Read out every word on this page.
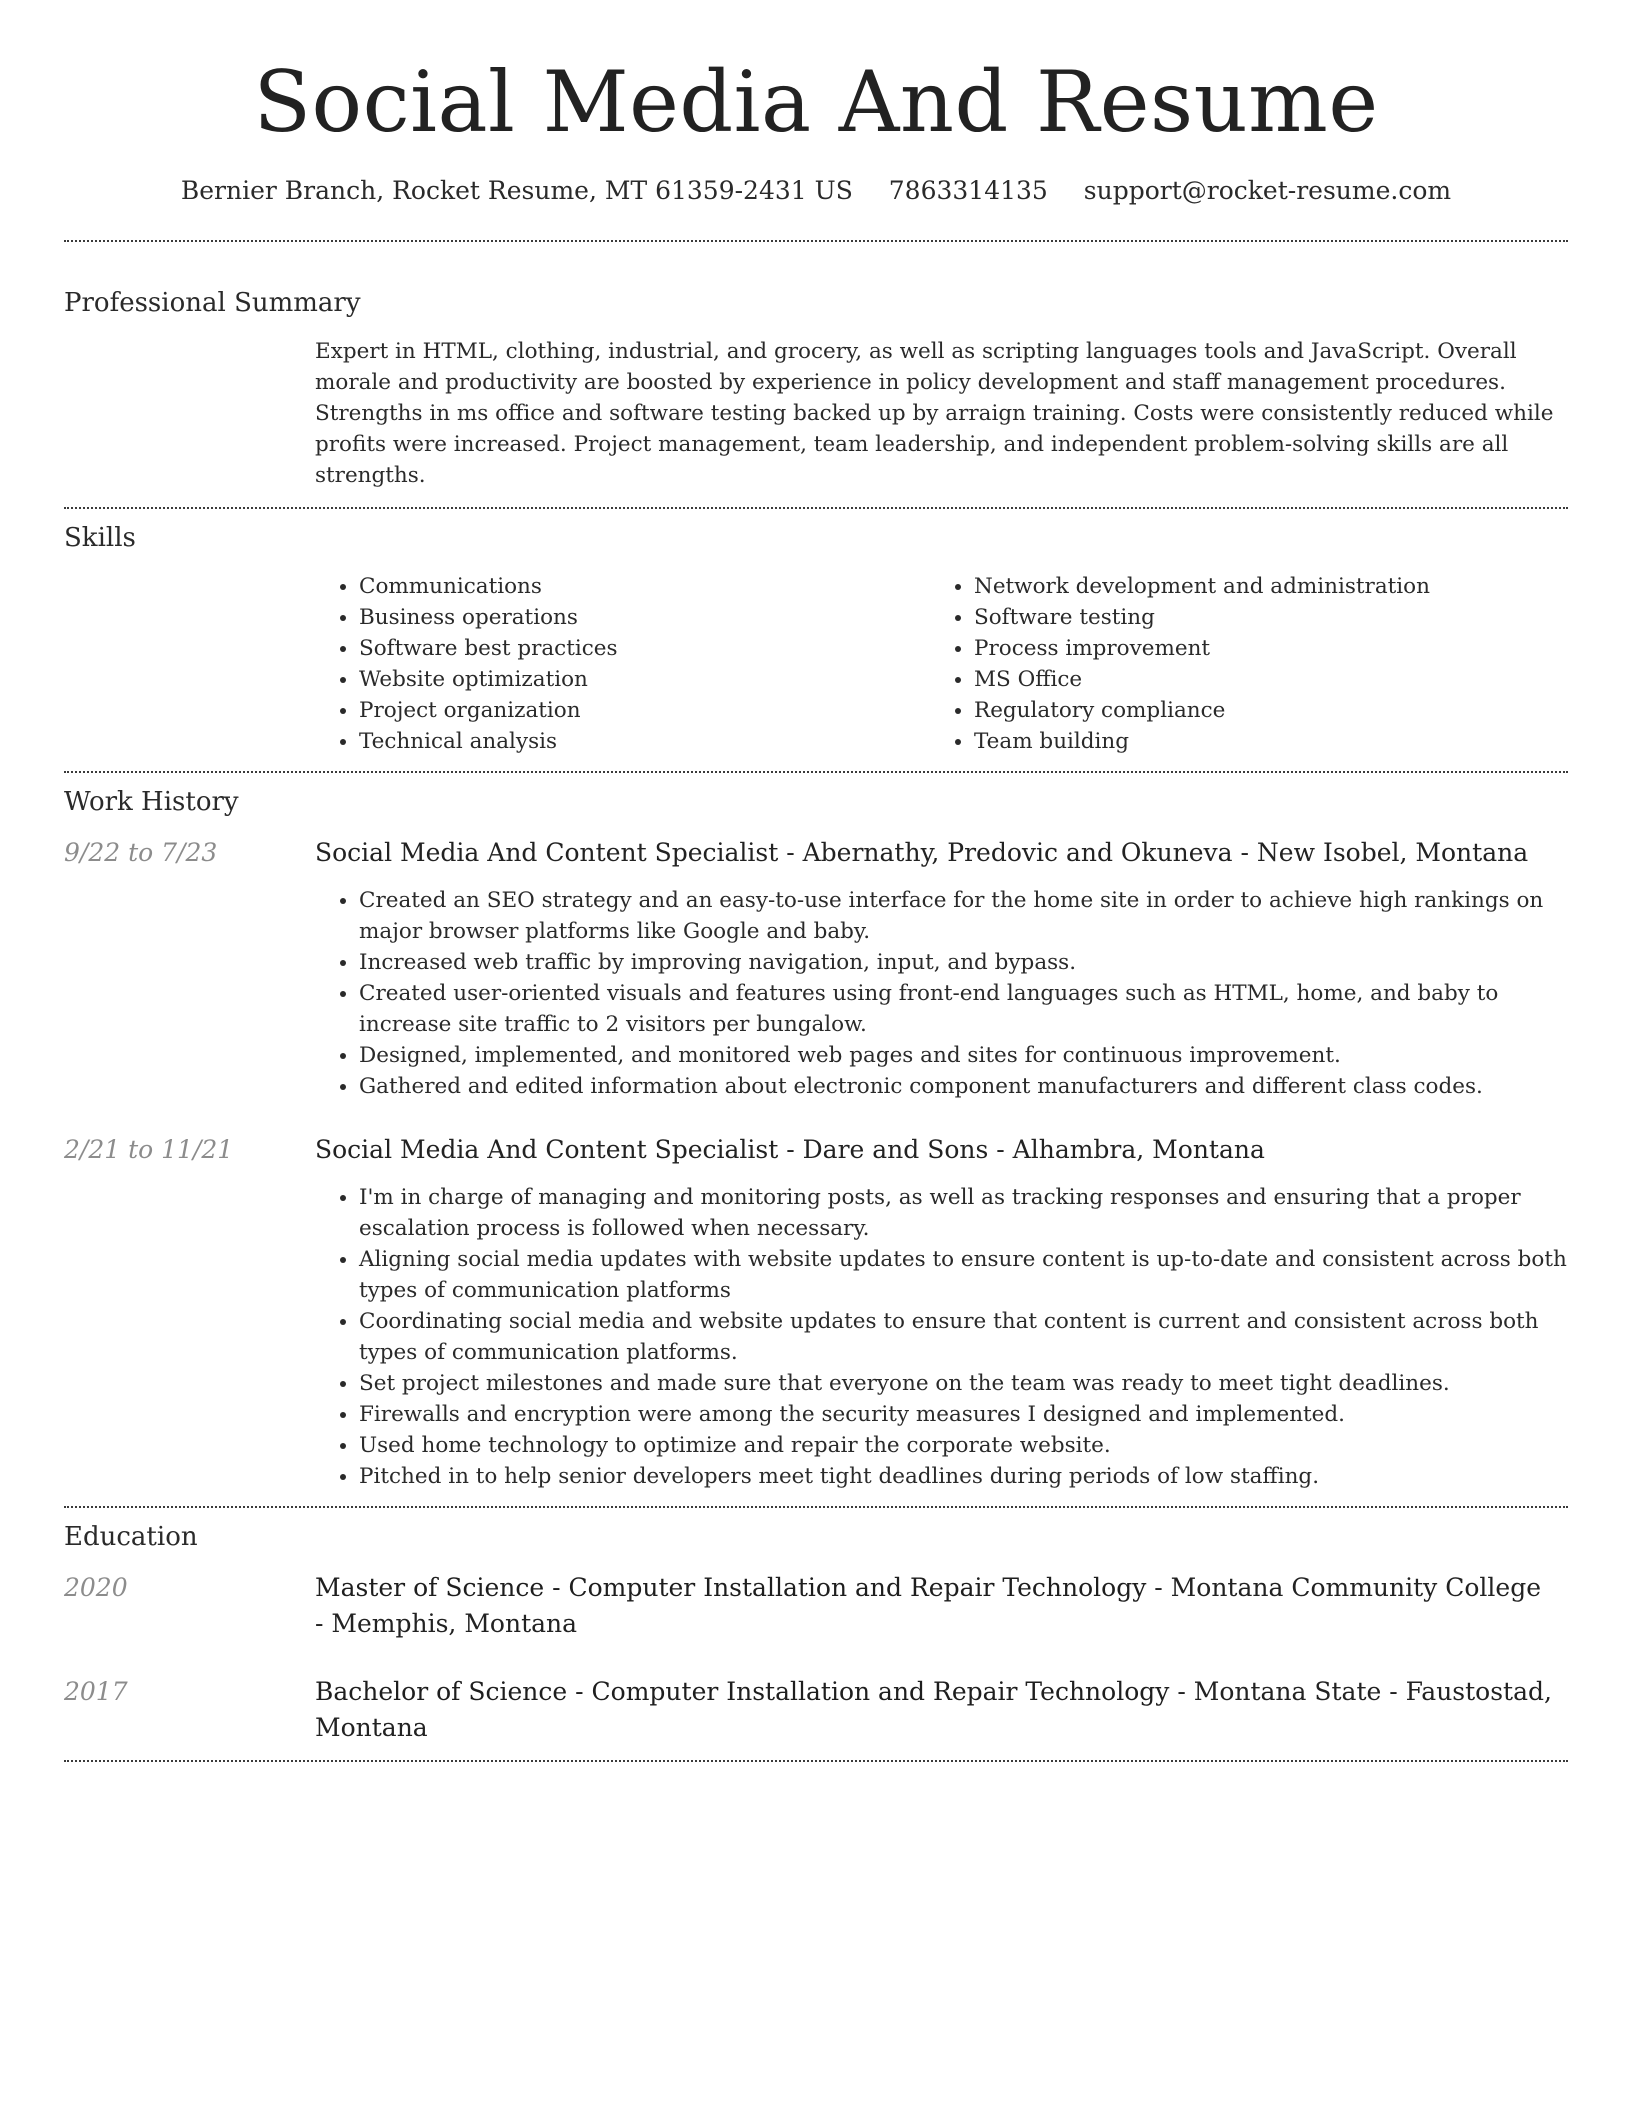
Social Media And Resume
Bernier Branch, Rocket Resume, MT 61359-2431 US 7863314135 support@rocket-resume.com
Professional Summary
Expert in HTML, clothing, industrial, and grocery, as well as scripting languages tools and JavaScript. Overall morale and productivity are boosted by experience in policy development and staff management procedures. Strengths in ms office and software testing backed up by arraign training. Costs were consistently reduced while profits were increased. Project management, team leadership, and independent problem-solving skills are all strengths.
Skills
• Communications
• Business operations
• Software best practices
• Website optimization
• Project organization
• Technical analysis
• Network development and administration
• Software testing
• Process improvement
• MS Office
• Regulatory compliance
• Team building
Work History
9/22 to 7/23	Social Media And Content Specialist - Abernathy, Predovic and Okuneva - New Isobel, Montana
• Created an SEO strategy and an easy-to-use interface for the home site in order to achieve high rankings on major browser platforms like Google and baby.
• Increased web traffic by improving navigation, input, and bypass.
• Created user-oriented visuals and features using front-end languages such as HTML, home, and baby to increase site traffic to 2 visitors per bungalow.
• Designed, implemented, and monitored web pages and sites for continuous improvement.
• Gathered and edited information about electronic component manufacturers and different class codes.
2/21 to 11/21	Social Media And Content Specialist - Dare and Sons - Alhambra, Montana
• I'm in charge of managing and monitoring posts, as well as tracking responses and ensuring that a proper escalation process is followed when necessary.
• Aligning social media updates with website updates to ensure content is up-to-date and consistent across both types of communication platforms
• Coordinating social media and website updates to ensure that content is current and consistent across both types of communication platforms.
• Set project milestones and made sure that everyone on the team was ready to meet tight deadlines.
• Firewalls and encryption were among the security measures I designed and implemented.
• Used home technology to optimize and repair the corporate website.
• Pitched in to help senior developers meet tight deadlines during periods of low staffing.
Education
2020	Master of Science - Computer Installation and Repair Technology - Montana Community College - Memphis, Montana
2017	Bachelor of Science - Computer Installation and Repair Technology - Montana State - Faustostad, Montana
